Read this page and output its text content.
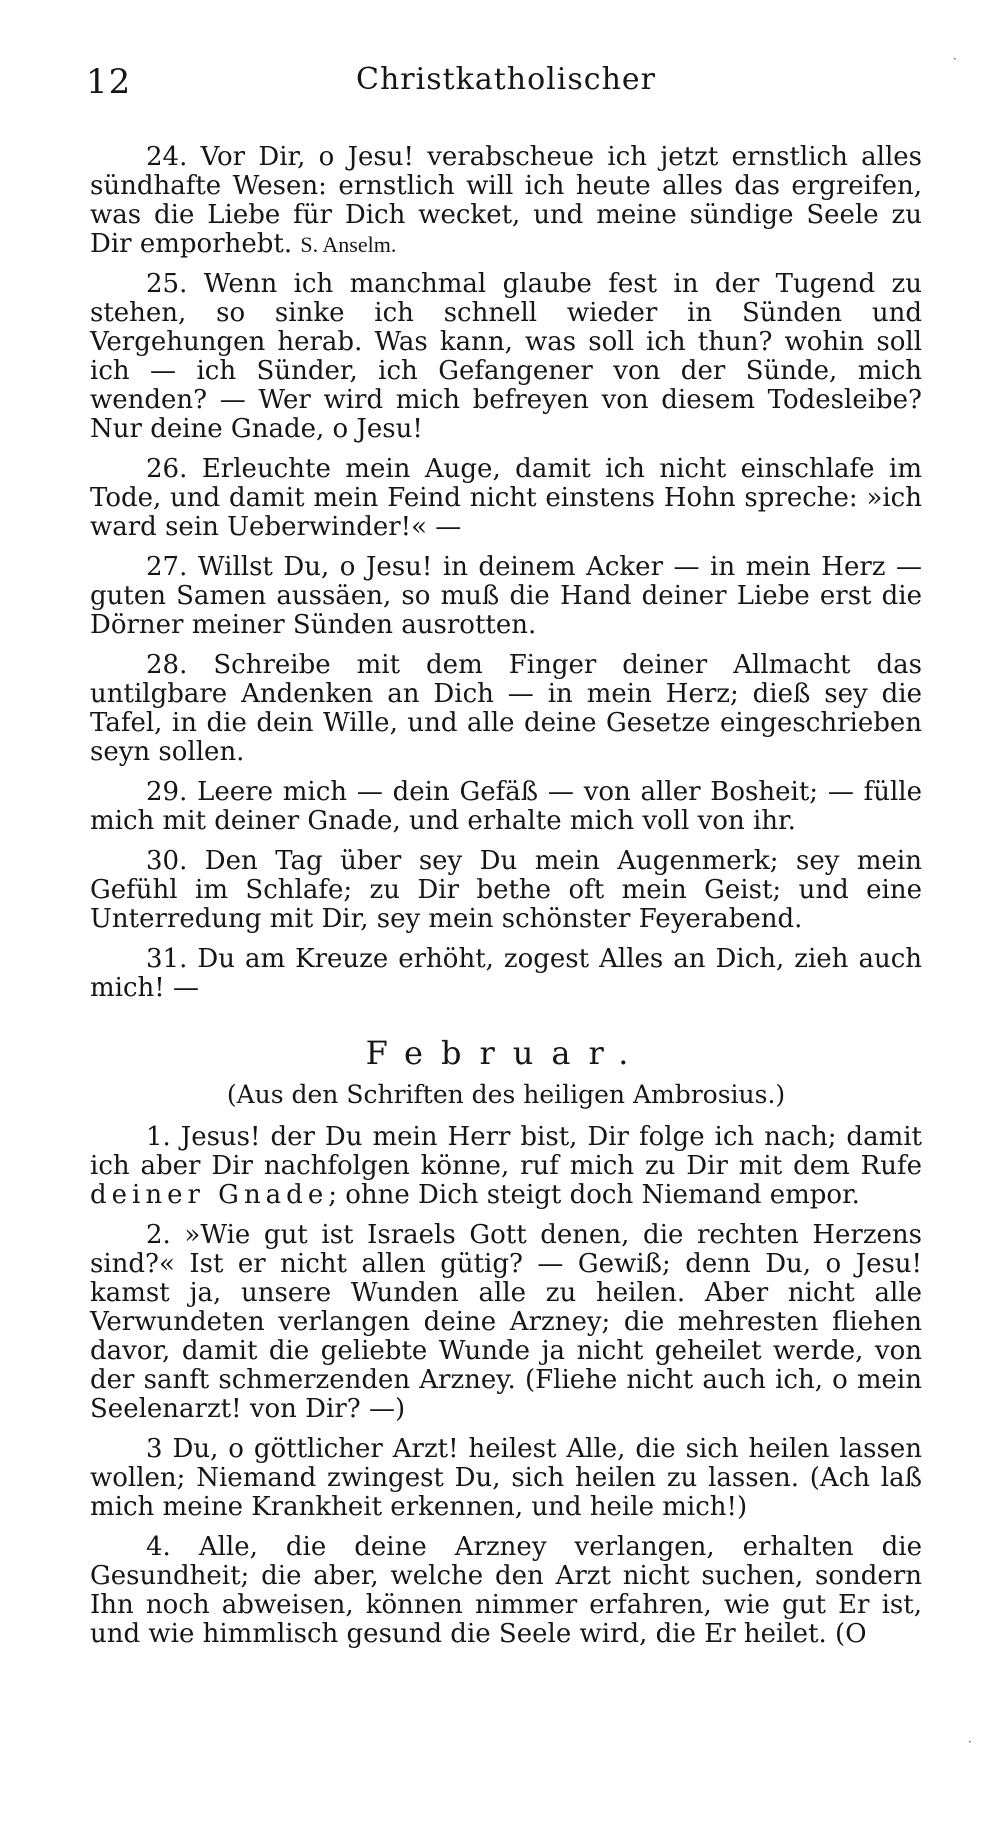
12	Christkatholischer

24. Vor Dir, o Jesu! verabscheue ich jetzt ernstlich alles sündhafte Wesen: ernstlich will ich heute alles das ergreifen, was die Liebe für Dich wecket, und meine sündige Seele zu Dir emporhebt. S. Anselm.

25. Wenn ich manchmal glaube fest in der Tugend zu stehen, so sinke ich schnell wieder in Sünden und Vergehungen herab. Was kann, was soll ich thun? wohin soll ich — ich Sünder, ich Gefangener von der Sünde, mich wenden? — Wer wird mich befreyen von diesem Todesleibe? Nur deine Gnade, o Jesu!

26. Erleuchte mein Auge, damit ich nicht einschlafe im Tode, und damit mein Feind nicht einstens Hohn spreche: »ich ward sein Ueberwinder!« —

27. Willst Du, o Jesu! in deinem Acker — in mein Herz — guten Samen aussäen, so muß die Hand deiner Liebe erst die Dörner meiner Sünden ausrotten.

28. Schreibe mit dem Finger deiner Allmacht das untilgbare Andenken an Dich — in mein Herz; dieß sey die Tafel, in die dein Wille, und alle deine Gesetze eingeschrieben seyn sollen.

29. Leere mich — dein Gefäß — von aller Bosheit; — fülle mich mit deiner Gnade, und erhalte mich voll von ihr.

30. Den Tag über sey Du mein Augenmerk; sey mein Gefühl im Schlafe; zu Dir bethe oft mein Geist; und eine Unterredung mit Dir, sey mein schönster Feyerabend.

31. Du am Kreuze erhöht, zogest Alles an Dich, zieh auch mich! —

Februar.
(Aus den Schriften des heiligen Ambrosius.)

1. Jesus! der Du mein Herr bist, Dir folge ich nach; damit ich aber Dir nachfolgen könne, ruf mich zu Dir mit dem Rufe deiner Gnade; ohne Dich steigt doch Niemand empor.

2. »Wie gut ist Israels Gott denen, die rechten Herzens sind?« Ist er nicht allen gütig? — Gewiß; denn Du, o Jesu! kamst ja, unsere Wunden alle zu heilen. Aber nicht alle Verwundeten verlangen deine Arzney; die mehresten fliehen davor, damit die geliebte Wunde ja nicht geheilet werde, von der sanft schmerzenden Arzney. (Fliehe nicht auch ich, o mein Seelenarzt! von Dir? —)

3 Du, o göttlicher Arzt! heilest Alle, die sich heilen lassen wollen; Niemand zwingest Du, sich heilen zu lassen. (Ach laß mich meine Krankheit erkennen, und heile mich!)

4. Alle, die deine Arzney verlangen, erhalten die Gesundheit; die aber, welche den Arzt nicht suchen, sondern Ihn noch abweisen, können nimmer erfahren, wie gut Er ist, und wie himmlisch gesund die Seele wird, die Er heilet. (O

·
·
